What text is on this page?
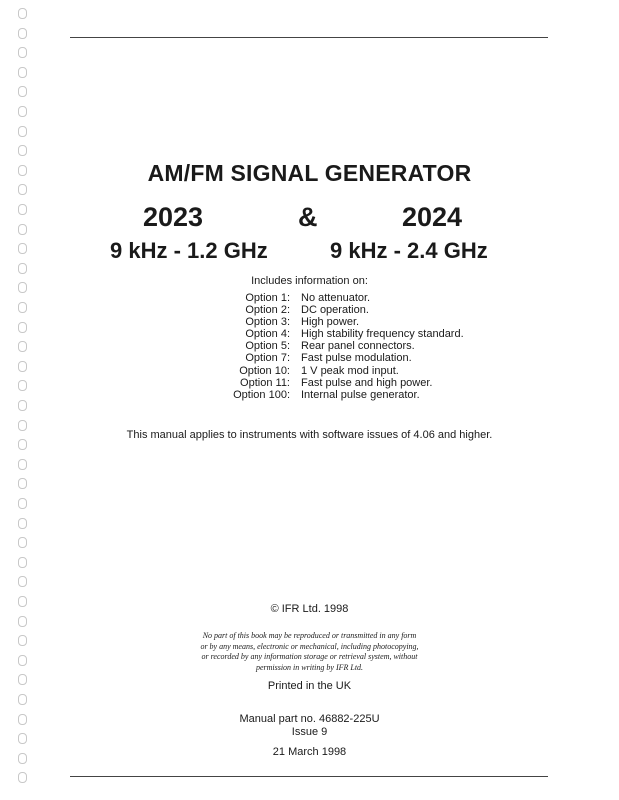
AM/FM SIGNAL GENERATOR
2023	&	2024
9 kHz - 1.2 GHz	9 kHz - 2.4 GHz
Includes information on:
Option 1: No attenuator.
Option 2: DC operation.
Option 3: High power.
Option 4: High stability frequency standard.
Option 5: Rear panel connectors.
Option 7: Fast pulse modulation.
Option 10: 1 V peak mod input.
Option 11: Fast pulse and high power.
Option 100: Internal pulse generator.
This manual applies to instruments with software issues of 4.06 and higher.
© IFR Ltd. 1998
No part of this book may be reproduced or transmitted in any form
or by any means, electronic or mechanical, including photocopying,
or recorded by any information storage or retrieval system, without
permission in writing by IFR Ltd.
Printed in the UK
Manual part no. 46882-225U
Issue 9
21 March 1998
